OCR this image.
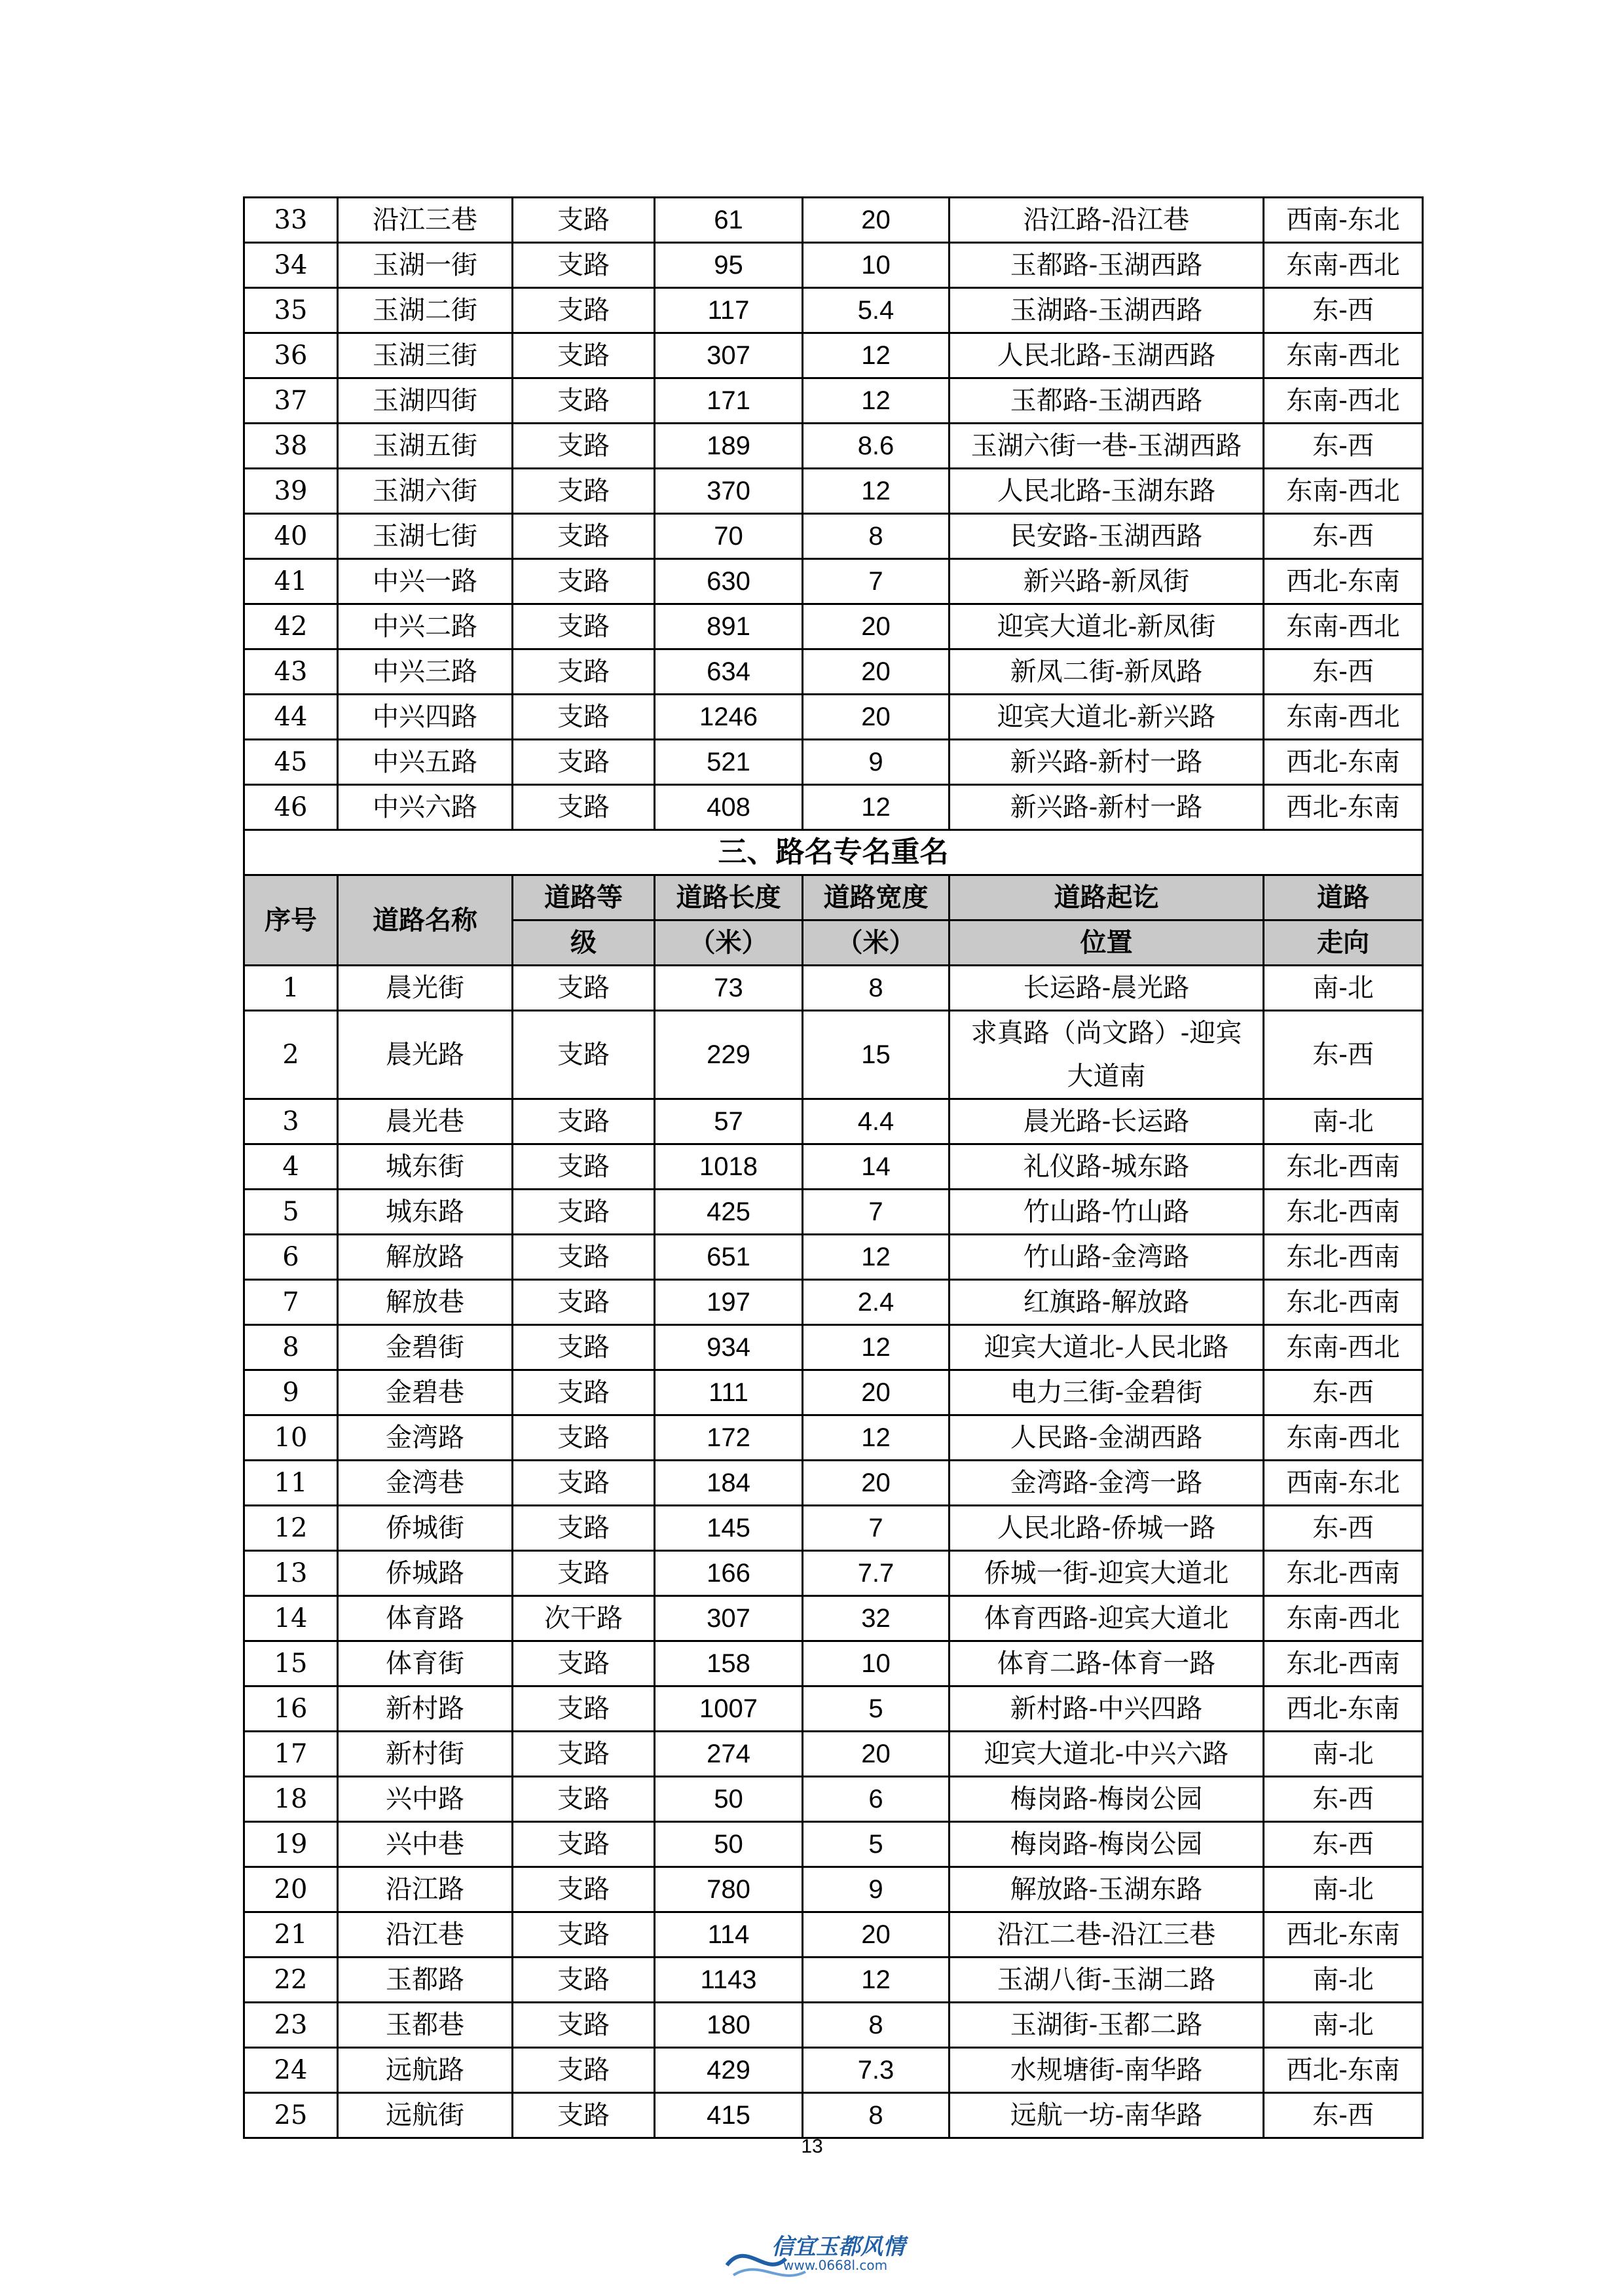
33	沿江三巷	支路	61	20	沿江路-沿江巷	西南-东北
34	玉湖一街	支路	95	10	玉都路-玉湖西路	东南-西北
35	玉湖二街	支路	117	5.4	玉湖路-玉湖西路	东-西
36	玉湖三街	支路	307	12	人民北路-玉湖西路	东南-西北
37	玉湖四街	支路	171	12	玉都路-玉湖西路	东南-西北
38	玉湖五街	支路	189	8.6	玉湖六街一巷-玉湖西路	东-西
39	玉湖六街	支路	370	12	人民北路-玉湖东路	东南-西北
40	玉湖七街	支路	70	8	民安路-玉湖西路	东-西
41	中兴一路	支路	630	7	新兴路-新凤街	西北-东南
42	中兴二路	支路	891	20	迎宾大道北-新凤街	东南-西北
43	中兴三路	支路	634	20	新凤二街-新凤路	东-西
44	中兴四路	支路	1246	20	迎宾大道北-新兴路	东南-西北
45	中兴五路	支路	521	9	新兴路-新村一路	西北-东南
46	中兴六路	支路	408	12	新兴路-新村一路	西北-东南
三、路名专名重名						
序号	道路名称	道路等	道路长度	道路宽度	道路起讫	道路
		级	（米）	（米）	位置	走向
1	晨光街	支路	73	8	长运路-晨光路	南-北
2	晨光路	支路	229	15	求真路（尚文路）-迎宾大道南	东-西
3	晨光巷	支路	57	4.4	晨光路-长运路	南-北
4	城东街	支路	1018	14	礼仪路-城东路	东北-西南
5	城东路	支路	425	7	竹山路-竹山路	东北-西南
6	解放路	支路	651	12	竹山路-金湾路	东北-西南
7	解放巷	支路	197	2.4	红旗路-解放路	东北-西南
8	金碧街	支路	934	12	迎宾大道北-人民北路	东南-西北
9	金碧巷	支路	111	20	电力三街-金碧街	东-西
10	金湾路	支路	172	12	人民路-金湖西路	东南-西北
11	金湾巷	支路	184	20	金湾路-金湾一路	西南-东北
12	侨城街	支路	145	7	人民北路-侨城一路	东-西
13	侨城路	支路	166	7.7	侨城一街-迎宾大道北	东北-西南
14	体育路	次干路	307	32	体育西路-迎宾大道北	东南-西北
15	体育街	支路	158	10	体育二路-体育一路	东北-西南
16	新村路	支路	1007	5	新村路-中兴四路	西北-东南
17	新村街	支路	274	20	迎宾大道北-中兴六路	南-北
18	兴中路	支路	50	6	梅岗路-梅岗公园	东-西
19	兴中巷	支路	50	5	梅岗路-梅岗公园	东-西
20	沿江路	支路	780	9	解放路-玉湖东路	南-北
21	沿江巷	支路	114	20	沿江二巷-沿江三巷	西北-东南
22	玉都路	支路	1143	12	玉湖八街-玉湖二路	南-北
23	玉都巷	支路	180	8	玉湖街-玉都二路	南-北
24	远航路	支路	429	7.3	水规塘街-南华路	西北-东南
25	远航街	支路	415	8	远航一坊-南华路	东-西
13
信宜玉都风情
www.0668l.com
